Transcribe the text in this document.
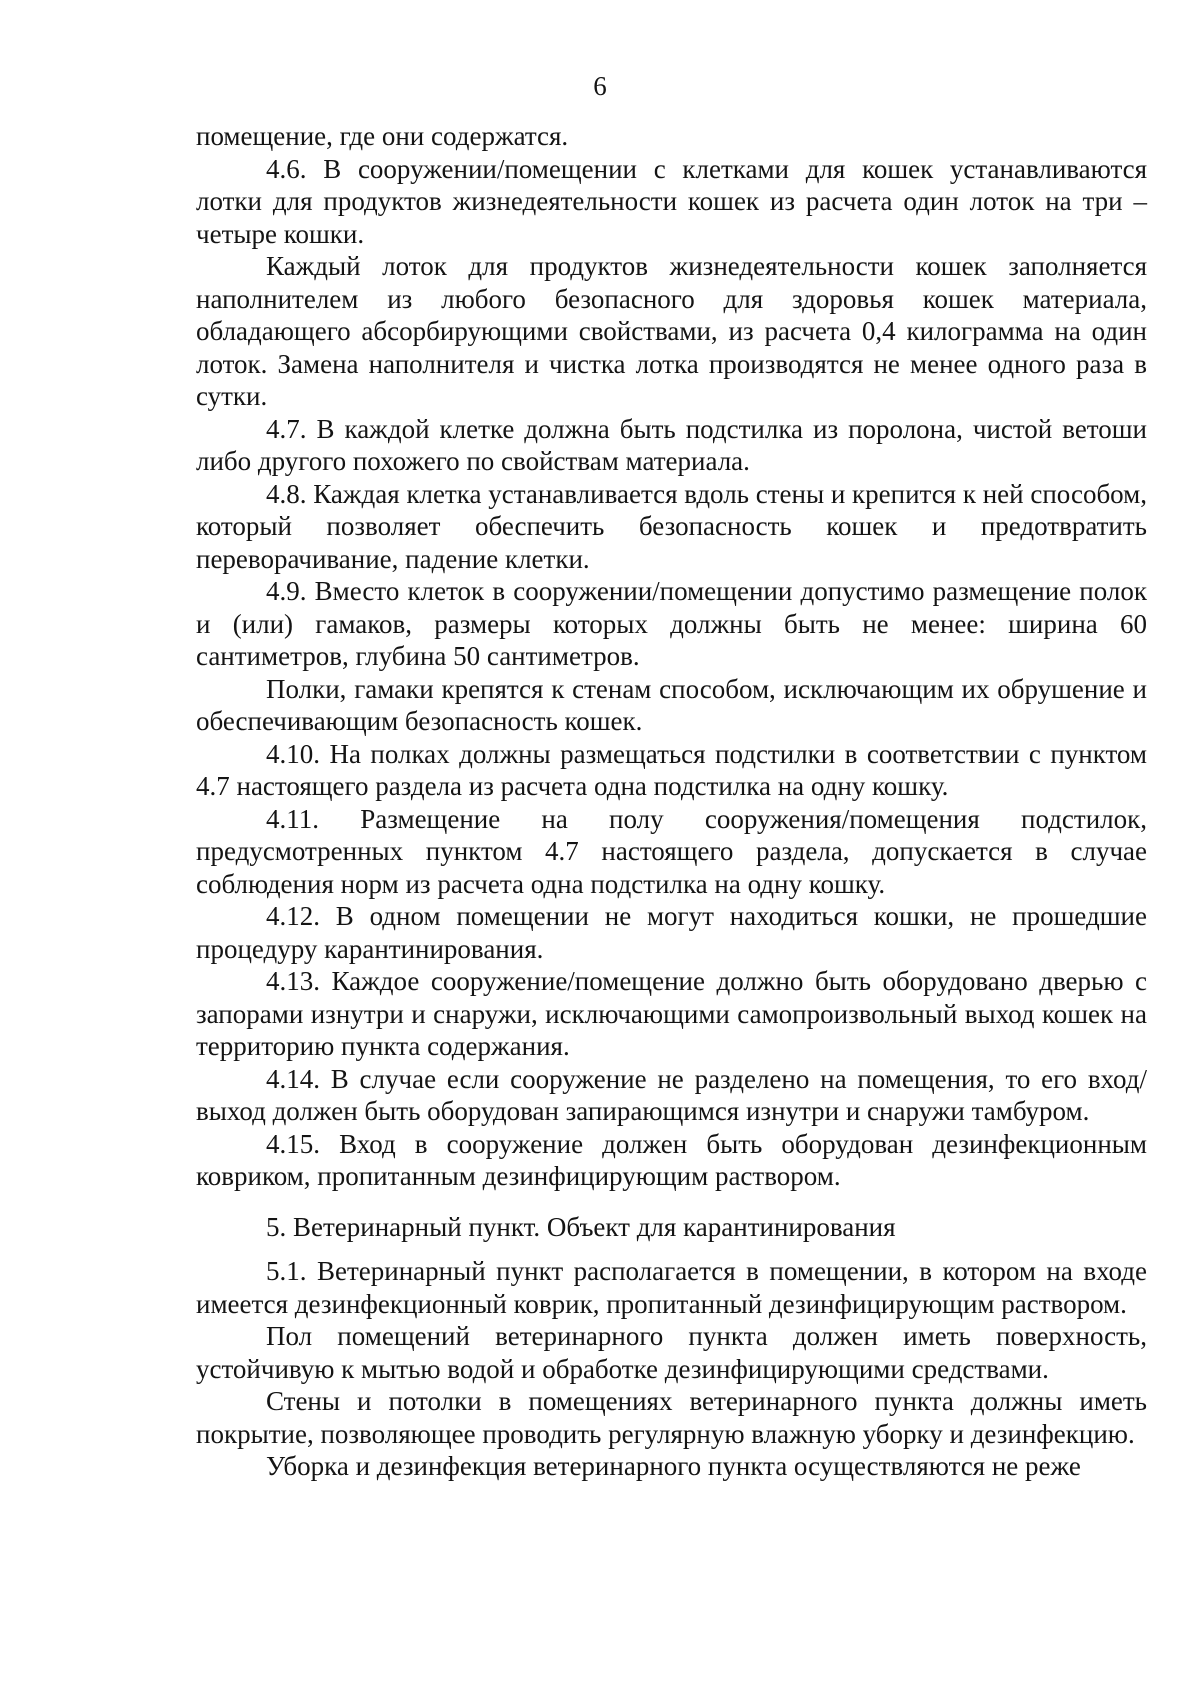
6

помещение, где они содержатся.

4.6. В сооружении/помещении с клетками для кошек устанавливаются лотки для продуктов жизнедеятельности кошек из расчета один лоток на три – четыре кошки.

Каждый лоток для продуктов жизнедеятельности кошек заполняется наполнителем из любого безопасного для здоровья кошек материала, обладающего абсорбирующими свойствами, из расчета 0,4 килограмма на один лоток. Замена наполнителя и чистка лотка производятся не менее одного раза в сутки.

4.7. В каждой клетке должна быть подстилка из поролона, чистой ветоши либо другого похожего по свойствам материала.

4.8. Каждая клетка устанавливается вдоль стены и крепится к ней способом, который позволяет обеспечить безопасность кошек и предотвратить переворачивание, падение клетки.

4.9. Вместо клеток в сооружении/помещении допустимо размещение полок и (или) гамаков, размеры которых должны быть не менее: ширина 60 сантиметров, глубина 50 сантиметров.

Полки, гамаки крепятся к стенам способом, исключающим их обрушение и обеспечивающим безопасность кошек.

4.10. На полках должны размещаться подстилки в соответствии с пунктом 4.7 настоящего раздела из расчета одна подстилка на одну кошку.

4.11. Размещение на полу сооружения/помещения подстилок, предусмотренных пунктом 4.7 настоящего раздела, допускается в случае соблюдения норм из расчета одна подстилка на одну кошку.

4.12. В одном помещении не могут находиться кошки, не прошедшие процедуру карантинирования.

4.13. Каждое сооружение/помещение должно быть оборудовано дверью с запорами изнутри и снаружи, исключающими самопроизвольный выход кошек на территорию пункта содержания.

4.14. В случае если сооружение не разделено на помещения, то его вход/выход должен быть оборудован запирающимся изнутри и снаружи тамбуром.

4.15. Вход в сооружение должен быть оборудован дезинфекционным ковриком, пропитанным дезинфицирующим раствором.

5. Ветеринарный пункт. Объект для карантинирования

5.1. Ветеринарный пункт располагается в помещении, в котором на входе имеется дезинфекционный коврик, пропитанный дезинфицирующим раствором.

Пол помещений ветеринарного пункта должен иметь поверхность, устойчивую к мытью водой и обработке дезинфицирующими средствами.

Стены и потолки в помещениях ветеринарного пункта должны иметь покрытие, позволяющее проводить регулярную влажную уборку и дезинфекцию.

Уборка и дезинфекция ветеринарного пункта осуществляются не реже
